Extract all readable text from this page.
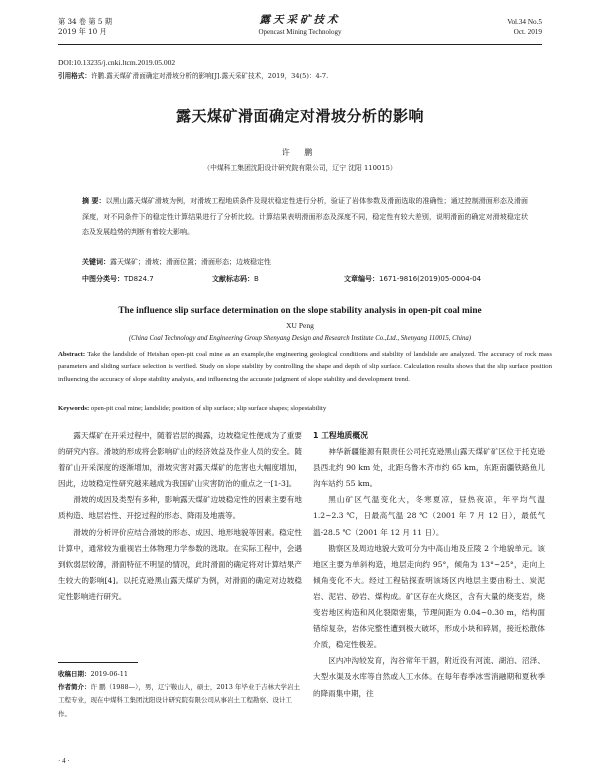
第 34 卷 第 5 期
2019 年 10 月
露天采矿技术
Opencast Mining Technology
Vol.34 No.5
Oct. 2019
DOI:10.13235/j.cnki.ltcm.2019.05.002
引用格式：许鹏.露天煤矿滑面确定对滑坡分析的影响[J].露天采矿技术，2019，34(5)：4-7.
露天煤矿滑面确定对滑坡分析的影响
许 鹏
（中煤科工集团沈阳设计研究院有限公司，辽宁 沈阳 110015）
摘 要：以黑山露天煤矿滑坡为例，对滑坡工程地质条件及现状稳定性进行分析，验证了岩体参数及滑面选取的准确性；通过控制滑面形态及滑面深度，对不同条件下的稳定性计算结果进行了分析比较。计算结果表明滑面形态及深度不同，稳定性有较大差别，说明滑面的确定对滑坡稳定状态及发展趋势的判断有着较大影响。
关键词：露天煤矿；滑坡；滑面位置；滑面形态；边坡稳定性
中图分类号：TD824.7	文献标志码：B	文章编号：1671-9816(2019)05-0004-04
The influence slip surface determination on the slope stability analysis in open-pit coal mine
XU Peng
(China Coal Technology and Engineering Group Shenyang Design and Research Institute Co.,Ltd., Shenyang 110015, China)
Abstract: Take the landslide of Heishan open-pit coal mine as an example,the engineering geological conditions and stability of landslide are analyzed. The accuracy of rock mass parameters and sliding surface selection is verified. Study on slope stability by controlling the shape and depth of slip surface. Calculation results shows that the slip surface position influencing the accuracy of slope stability analysis, and influencing the accurate judgment of slope stability and development trend.
Keywords: open-pit coal mine; landslide; position of slip surface; slip surface shapes; slopestability

露天煤矿在开采过程中，随着岩层的揭露，边坡稳定性便成为了重要的研究内容。滑坡的形成将会影响矿山的经济效益及作业人员的安全。随着矿山开采深度的逐渐增加，滑坡灾害对露天煤矿的危害也大幅度增加，因此，边坡稳定性研究越来越成为我国矿山灾害防治的重点之一[1-3]。

滑坡的成因及类型有多种，影响露天煤矿边坡稳定性的因素主要有地质构造、地层岩性、开挖过程的形态、降雨及地震等。

滑坡的分析评价应结合滑坡的形态、成因、地形地貌等因素。稳定性计算中，通常较为重视岩土体物理力学参数的选取。在实际工程中，会遇到软弱层较薄，滑面特征不明显的情况，此时滑面的确定将对计算结果产生较大的影响[4]。以托克逊黑山露天煤矿为例，对滑面的确定对边坡稳定性影响进行研究。

1 工程地质概况

神华新疆能源有限责任公司托克逊黑山露天煤矿矿区位于托克逊县西北约 90 km 处，北距乌鲁木齐市约 65 km，东距南疆铁路鱼儿沟车站约 55 km。

黑山矿区气温变化大，冬寒夏凉，昼热夜凉，年平均气温 1.2~2.3 ℃，日最高气温 28 ℃（2001 年 7 月 12 日），最低气温-28.5 ℃（2001 年 12 月 11 日）。

勘察区及周边地貌大致可分为中高山地及丘陵 2 个地貌单元。该地区主要为单斜构造，地层走向约 95°，倾角为 13°~25°，走向上倾角变化不大。经过工程钻探查明该场区内地层主要由粉土、炭泥岩、泥岩、砂岩、煤构成。矿区存在火烧区，含有大量的烧变岩，烧变岩地区构造和风化裂隙密集，节理间距为 0.04~0.30 m，结构面错综复杂，岩体完整性遭到极大破坏，形成小块和碎屑，接近松散体介质，稳定性极差。

区内冲沟较发育，沟谷常年干涸，附近没有河流、湖泊、沼泽、大型水渠及水库等自然或人工水体。在每年春季冰雪消融期和夏秋季的降雨集中期，往

收稿日期：2019-06-11
作者简介：许 鹏（1988—），男，辽宁鞍山人，硕士，2013 年毕业于吉林大学岩土工程专业，现在中煤科工集团沈阳设计研究院有限公司从事岩土工程勘察、设计工作。
· 4 ·
